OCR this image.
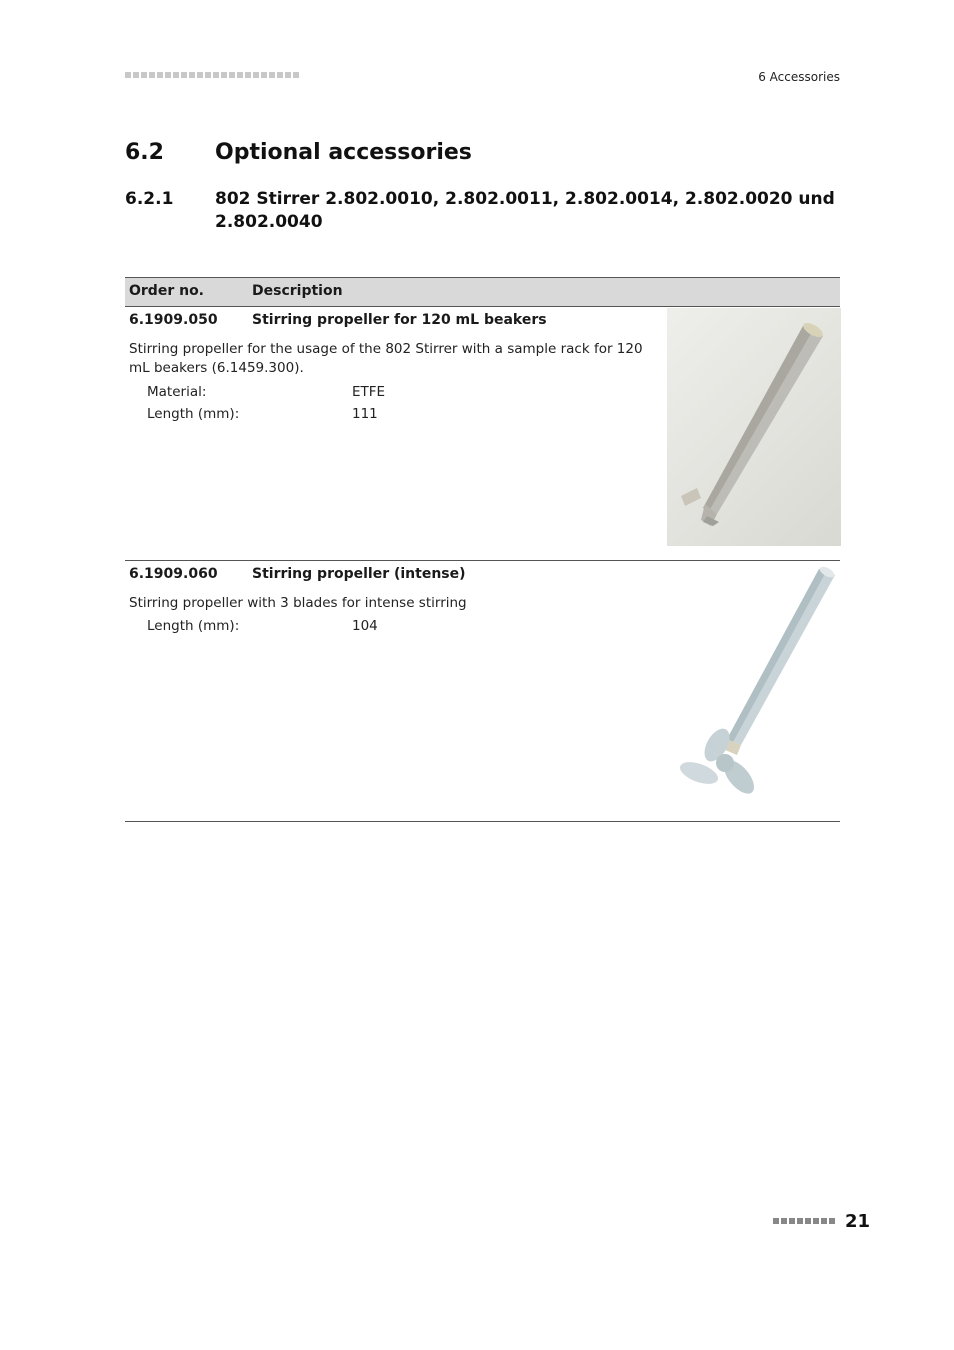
6 Accessories
6.2 Optional accessories
6.2.1 802 Stirrer 2.802.0010, 2.802.0011, 2.802.0014, 2.802.0020 und 2.802.0040
Order no.	Description
6.1909.050 Stirring propeller for 120 mL beakers
Stirring propeller for the usage of the 802 Stirrer with a sample rack for 120 mL beakers (6.1459.300).
Material:	ETFE
Length (mm):	111
6.1909.060 Stirring propeller (intense)
Stirring propeller with 3 blades for intense stirring
Length (mm):	104
21
